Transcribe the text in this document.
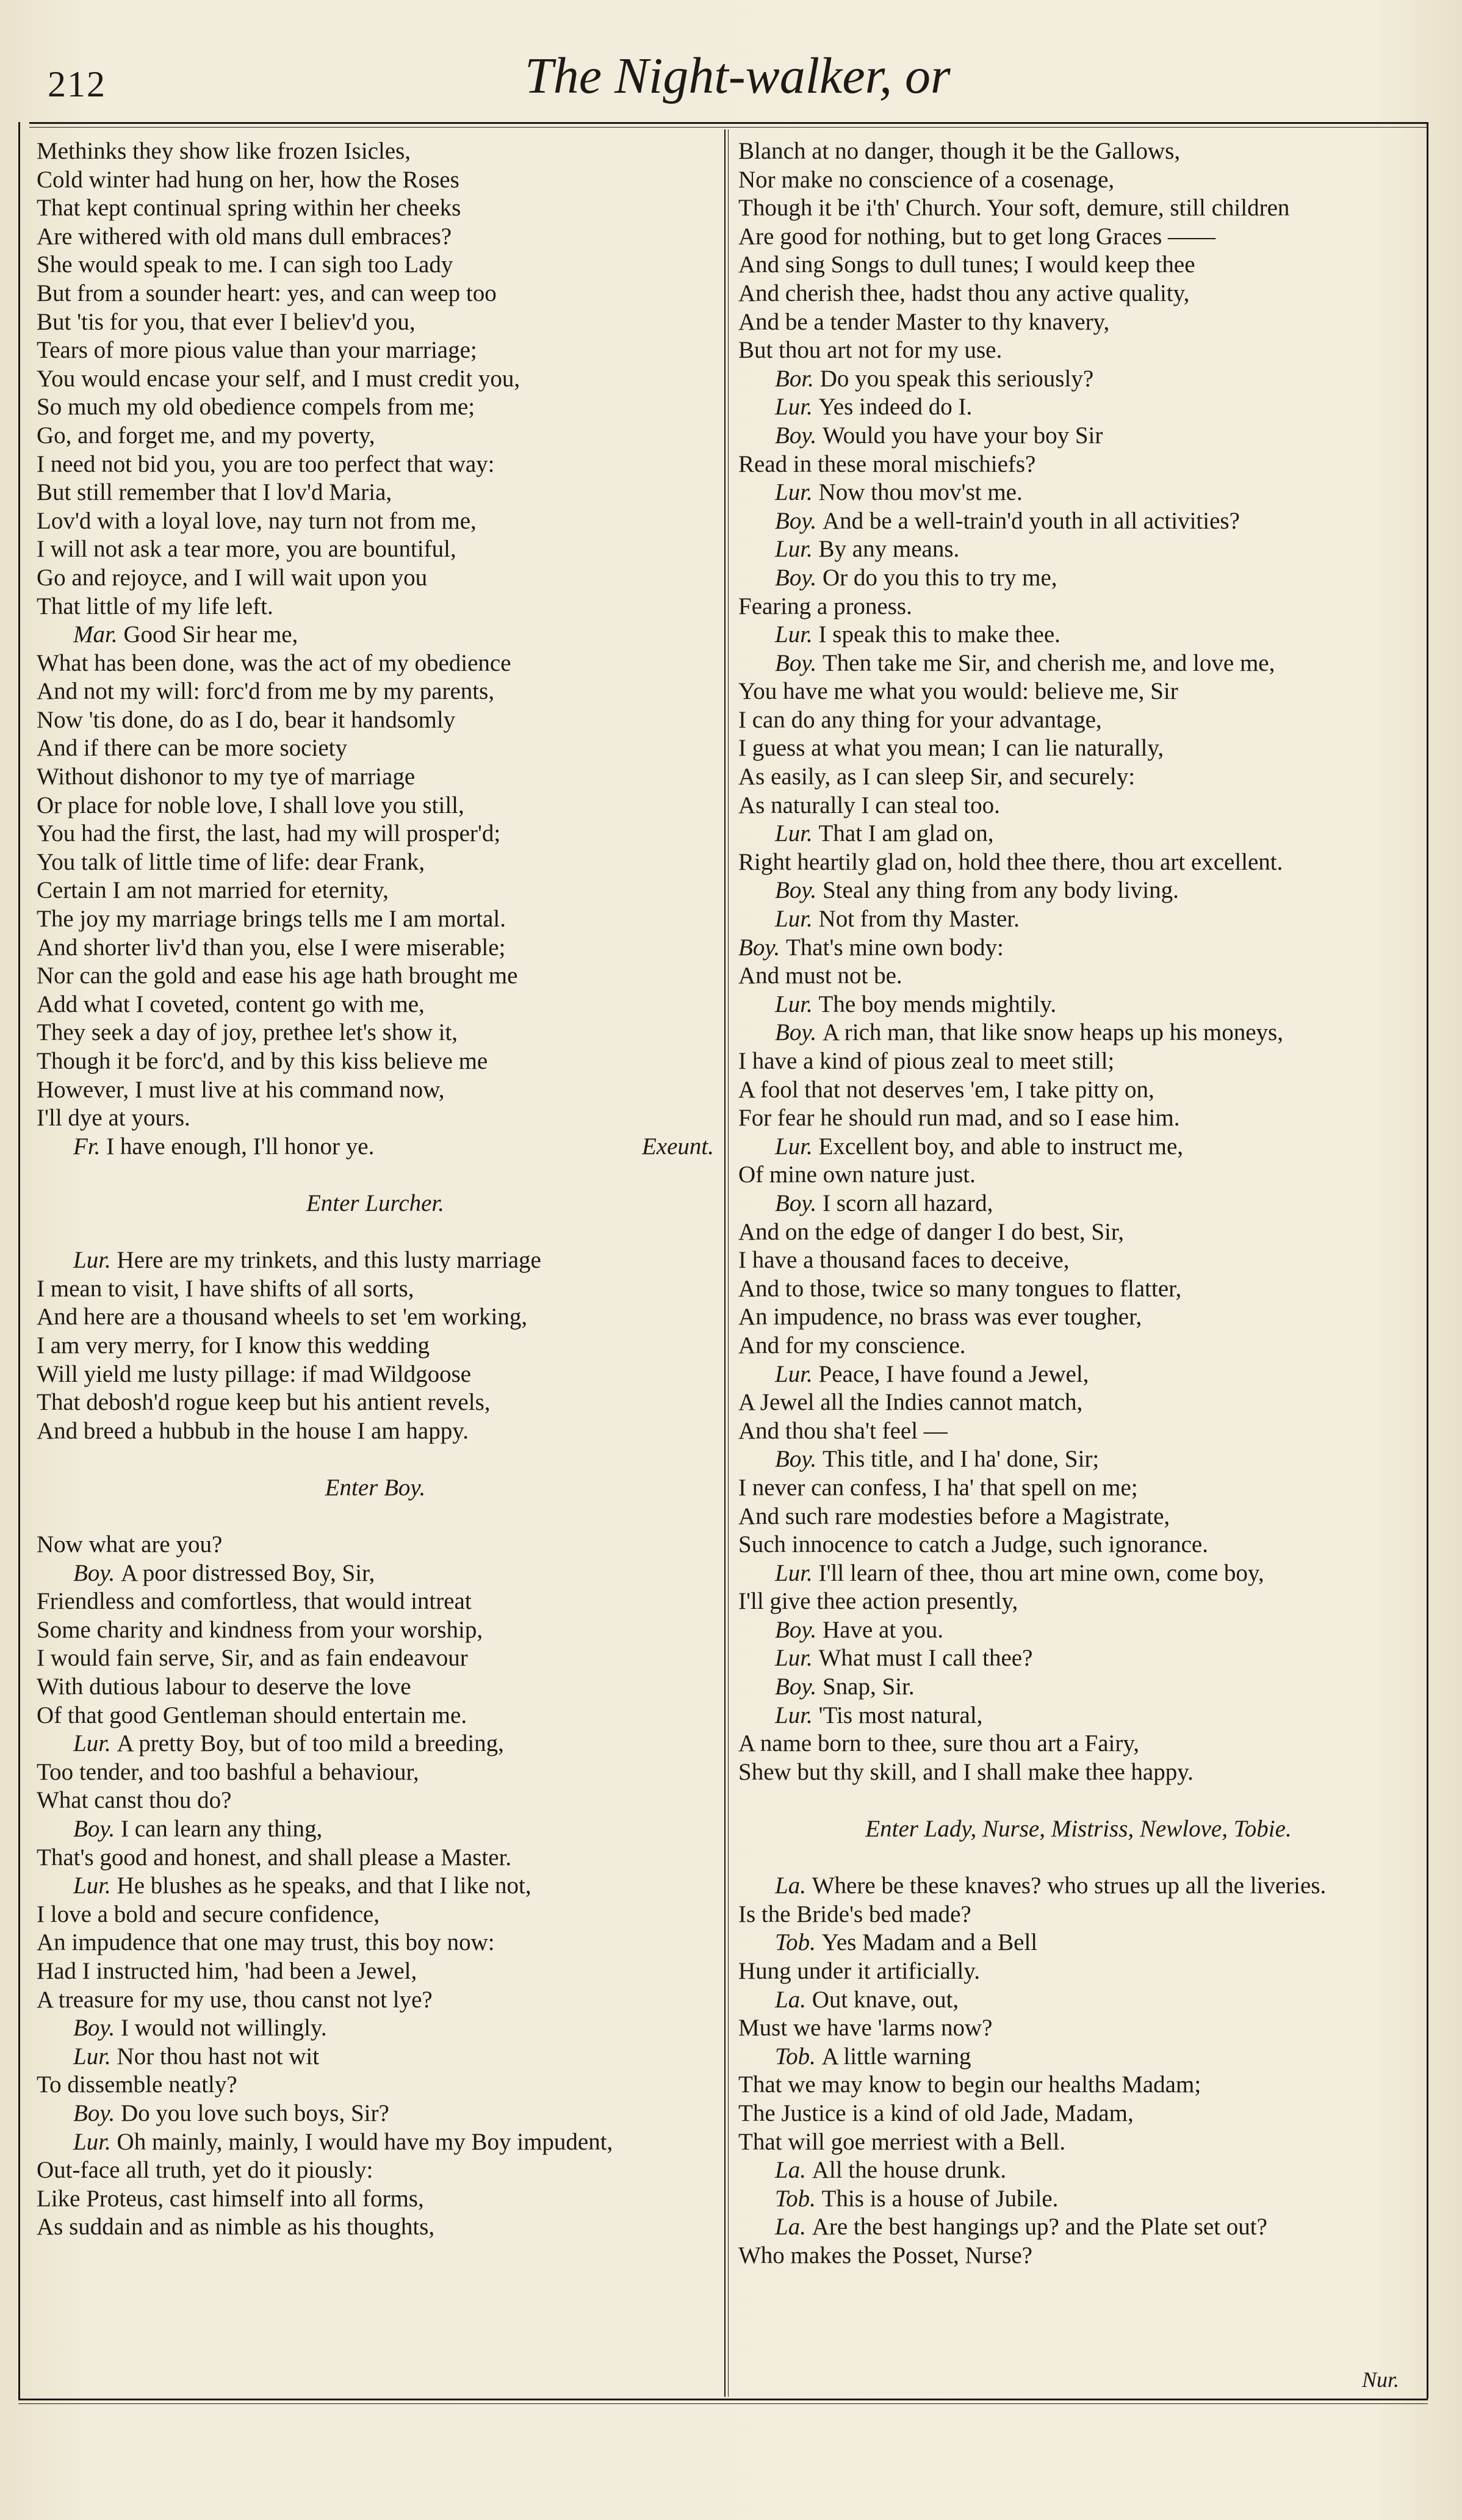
212	The Night-walker, or
Methinks they show like frozen Isicles,
Cold winter had hung on her, how the Roses
That kept continual spring within her cheeks
Are withered with old mans dull embraces?
She would speak to me. I can sigh too Lady
But from a sounder heart: yes, and can weep too
But 'tis for you, that ever I believ'd you,
Tears of more pious value than your marriage;
You would encase your self, and I must credit you,
So much my old obedience compels from me;
Go, and forget me, and my poverty,
I need not bid you, you are too perfect that way:
But still remember that I lov'd Maria,
Lov'd with a loyal love, nay turn not from me,
I will not ask a tear more, you are bountiful,
Go and rejoyce, and I will wait upon you
That little of my life left.
Mar. Good Sir hear me,
What has been done, was the act of my obedience
And not my will: forc'd from me by my parents,
Now 'tis done, do as I do, bear it handsomly
And if there can be more society
Without dishonor to my tye of marriage
Or place for noble love, I shall love you still,
You had the first, the last, had my will prosper'd;
You talk of little time of life: dear Frank,
Certain I am not married for eternity,
The joy my marriage brings tells me I am mortal.
And shorter liv'd than you, else I were miserable;
Nor can the gold and ease his age hath brought me
Add what I coveted, content go with me,
They seek a day of joy, prethee let's show it,
Though it be forc'd, and by this kiss believe me
However, I must live at his command now,
I'll dye at yours.
Fr. I have enough, I'll honor ye.	Exeunt.
Enter Lurcher.
Lur. Here are my trinkets, and this lusty marriage
I mean to visit, I have shifts of all sorts,
And here are a thousand wheels to set 'em working,
I am very merry, for I know this wedding
Will yield me lusty pillage: if mad Wildgoose
That debosh'd rogue keep but his antient revels,
And breed a hubbub in the house I am happy.
Enter Boy.
Now what are you?
Boy. A poor distressed Boy, Sir,
Friendless and comfortless, that would intreat
Some charity and kindness from your worship,
I would fain serve, Sir, and as fain endeavour
With dutious labour to deserve the love
Of that good Gentleman should entertain me.
Lur. A pretty Boy, but of too mild a breeding,
Too tender, and too bashful a behaviour,
What canst thou do?
Boy. I can learn any thing,
That's good and honest, and shall please a Master.
Lur. He blushes as he speaks, and that I like not,
I love a bold and secure confidence,
An impudence that one may trust, this boy now:
Had I instructed him, 'had been a Jewel,
A treasure for my use, thou canst not lye?
Boy. I would not willingly.
Lur. Nor thou hast not wit
To dissemble neatly?
Boy. Do you love such boys, Sir?
Lur. Oh mainly, mainly, I would have my Boy impudent,
Out-face all truth, yet do it piously:
Like Proteus, cast himself into all forms,
As suddain and as nimble as his thoughts,
Blanch at no danger, though it be the Gallows,
Nor make no conscience of a cosenage,
Though it be i'th' Church. Your soft, demure, still children
Are good for nothing, but to get long Graces ——
And sing Songs to dull tunes; I would keep thee
And cherish thee, hadst thou any active quality,
And be a tender Master to thy knavery,
But thou art not for my use.
Bor. Do you speak this seriously?
Lur. Yes indeed do I.
Boy. Would you have your boy Sir
Read in these moral mischiefs?
Lur. Now thou mov'st me.
Boy. And be a well-train'd youth in all activities?
Lur. By any means.
Boy. Or do you this to try me,
Fearing a proness.
Lur. I speak this to make thee.
Boy. Then take me Sir, and cherish me, and love me,
You have me what you would: believe me, Sir
I can do any thing for your advantage,
I guess at what you mean; I can lie naturally,
As easily, as I can sleep Sir, and securely:
As naturally I can steal too.
Lur. That I am glad on,
Right heartily glad on, hold thee there, thou art excellent.
Boy. Steal any thing from any body living.
Lur. Not from thy Master.
Boy. That's mine own body:
And must not be.
Lur. The boy mends mightily.
Boy. A rich man, that like snow heaps up his moneys,
I have a kind of pious zeal to meet still;
A fool that not deserves 'em, I take pitty on,
For fear he should run mad, and so I ease him.
Lur. Excellent boy, and able to instruct me,
Of mine own nature just.
Boy. I scorn all hazard,
And on the edge of danger I do best, Sir,
I have a thousand faces to deceive,
And to those, twice so many tongues to flatter,
An impudence, no brass was ever tougher,
And for my conscience.
Lur. Peace, I have found a Jewel,
A Jewel all the Indies cannot match,
And thou sha't feel —
Boy. This title, and I ha' done, Sir;
I never can confess, I ha' that spell on me;
And such rare modesties before a Magistrate,
Such innocence to catch a Judge, such ignorance.
Lur. I'll learn of thee, thou art mine own, come boy,
I'll give thee action presently,
Boy. Have at you.
Lur. What must I call thee?
Boy. Snap, Sir.
Lur. 'Tis most natural,
A name born to thee, sure thou art a Fairy,
Shew but thy skill, and I shall make thee happy.
Enter Lady, Nurse, Mistriss, Newlove, Tobie.
La. Where be these knaves? who strues up all the liveries.
Is the Bride's bed made?
Tob. Yes Madam and a Bell
Hung under it artificially.
La. Out knave, out,
Must we have 'larms now?
Tob. A little warning
That we may know to begin our healths Madam;
The Justice is a kind of old Jade, Madam,
That will goe merriest with a Bell.
La. All the house drunk.
Tob. This is a house of Jubile.
La. Are the best hangings up? and the Plate set out?
Who makes the Posset, Nurse?
Nur.
